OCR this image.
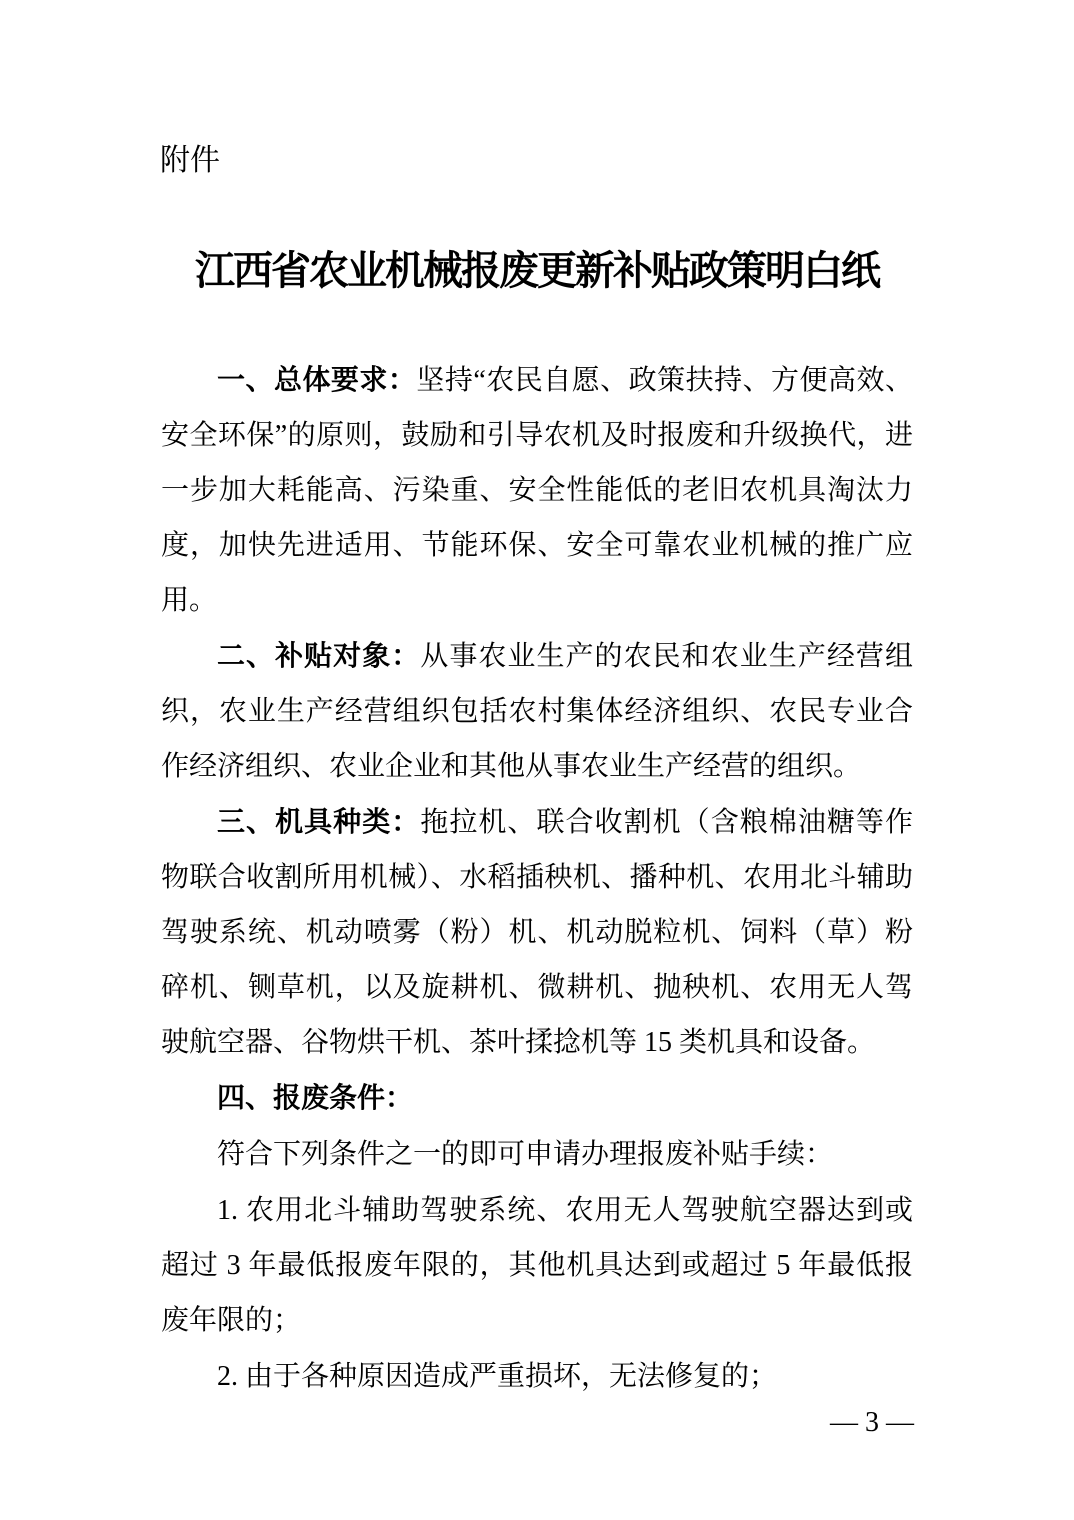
附件
江西省农业机械报废更新补贴政策明白纸

一、总体要求：坚持“农民自愿、政策扶持、方便高效、安全环保”的原则，鼓励和引导农机及时报废和升级换代，进一步加大耗能高、污染重、安全性能低的老旧农机具淘汰力度，加快先进适用、节能环保、安全可靠农业机械的推广应用。

二、补贴对象：从事农业生产的农民和农业生产经营组织，农业生产经营组织包括农村集体经济组织、农民专业合作经济组织、农业企业和其他从事农业生产经营的组织。

三、机具种类：拖拉机、联合收割机（含粮棉油糖等作物联合收割所用机械）、水稻插秧机、播种机、农用北斗辅助驾驶系统、机动喷雾（粉）机、机动脱粒机、饲料（草）粉碎机、铡草机，以及旋耕机、微耕机、抛秧机、农用无人驾驶航空器、谷物烘干机、茶叶揉捻机等 15 类机具和设备。

四、报废条件：

符合下列条件之一的即可申请办理报废补贴手续：

1. 农用北斗辅助驾驶系统、农用无人驾驶航空器达到或超过 3 年最低报废年限的，其他机具达到或超过 5 年最低报废年限的；

2. 由于各种原因造成严重损坏，无法修复的；

— 3 —
